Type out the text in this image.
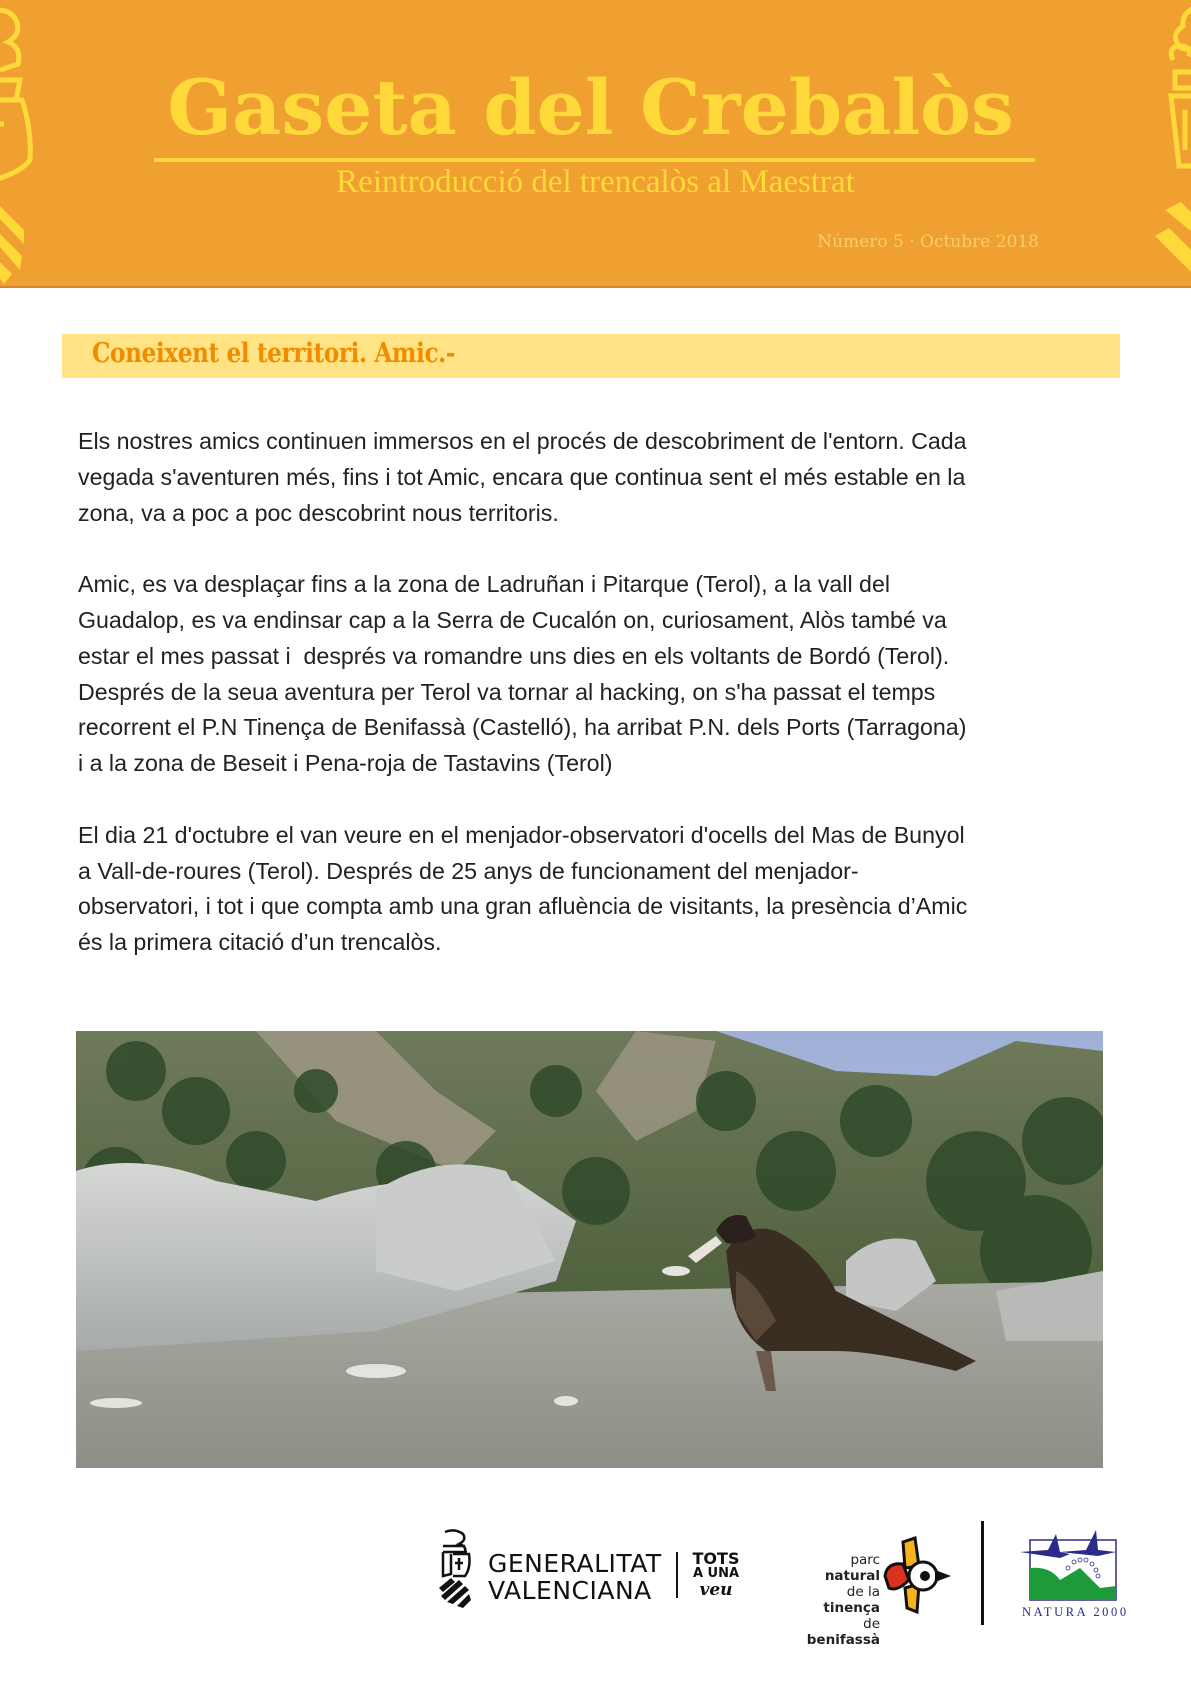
Gaseta del Crebalòs
Reintroducció del trencalòs al Maestrat
Número 5 · Octubre 2018
Coneixent el territori. Amic.-

Els nostres amics continuen immersos en el procés de descobriment de l'entorn. Cada
vegada s'aventuren més, fins i tot Amic, encara que continua sent el més estable en la
zona, va a poc a poc descobrint nous territoris.

Amic, es va desplaçar fins a la zona de Ladruñan i Pitarque (Terol), a la vall del
Guadalop, es va endinsar cap a la Serra de Cucalón on, curiosament, Alòs també va
estar el mes passat i  després va romandre uns dies en els voltants de Bordó (Terol).
Després de la seua aventura per Terol va tornar al hacking, on s'ha passat el temps
recorrent el P.N Tinença de Benifassà (Castelló), ha arribat P.N. dels Ports (Tarragona)
i a la zona de Beseit i Pena-roja de Tastavins (Terol)

El dia 21 d'octubre el van veure en el menjador-observatori d'ocells del Mas de Bunyol
a Vall-de-roures (Terol). Després de 25 anys de funcionament del menjador-
observatori, i tot i que compta amb una gran afluència de visitants, la presència d’Amic
és la primera citació d’un trencalòs.

GENERALITAT
VALENCIANA
TOTS
A UNA
veu
parc natural
de la tinença
de benifassà
NATURA 2000
